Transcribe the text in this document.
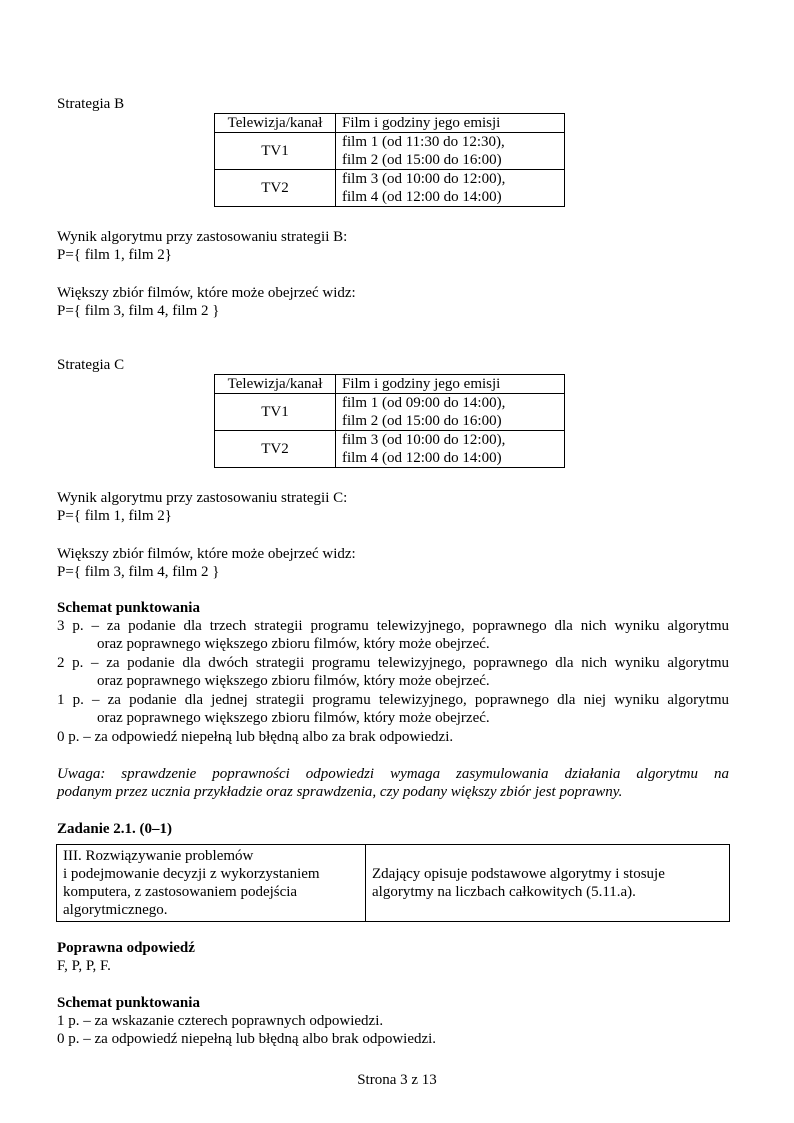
Strategia B
Telewizja/kanał	Film i godziny jego emisji
TV1	film 1 (od 11:30 do 12:30),
film 2 (od 15:00 do 16:00)

TV2	film 3 (od 10:00 do 12:00),
film 4 (od 12:00 do 14:00)
Wynik algorytmu przy zastosowaniu strategii B:
P={ film 1, film 2}
Większy zbiór filmów, które może obejrzeć widz:
P={ film 3, film 4, film 2 }
Strategia C
Telewizja/kanał	Film i godziny jego emisji
TV1	film 1 (od 09:00 do 14:00),
film 2 (od 15:00 do 16:00)

TV2	film 3 (od 10:00 do 12:00),
film 4 (od 12:00 do 14:00)
Wynik algorytmu przy zastosowaniu strategii C:
P={ film 1, film 2}
Większy zbiór filmów, które może obejrzeć widz:
P={ film 3, film 4, film 2 }
Schemat punktowania
3 p. – za podanie dla trzech strategii programu telewizyjnego, poprawnego dla nich wyniku algorytmu
oraz poprawnego większego zbioru filmów, który może obejrzeć.
2 p. – za podanie dla dwóch strategii programu telewizyjnego, poprawnego dla nich wyniku algorytmu
oraz poprawnego większego zbioru filmów, który może obejrzeć.
1 p. – za podanie dla jednej strategii programu telewizyjnego, poprawnego dla niej wyniku algorytmu
oraz poprawnego większego zbioru filmów, który może obejrzeć.
0 p. – za odpowiedź niepełną lub błędną albo za brak odpowiedzi.
Uwaga: sprawdzenie poprawności odpowiedzi wymaga zasymulowania działania algorytmu na
podanym przez ucznia przykładzie oraz sprawdzenia, czy podany większy zbiór jest poprawny.
Zadanie 2.1. (0–1)
III. Rozwiązywanie problemów
i podejmowanie decyzji z wykorzystaniem
komputera, z zastosowaniem podejścia
algorytmicznego.

Zdający opisuje podstawowe algorytmy i stosuje
algorytmy na liczbach całkowitych (5.11.a).
Poprawna odpowiedź
F, P, P, F.
Schemat punktowania
1 p. – za wskazanie czterech poprawnych odpowiedzi.
0 p. – za odpowiedź niepełną lub błędną albo brak odpowiedzi.
Strona 3 z 13
